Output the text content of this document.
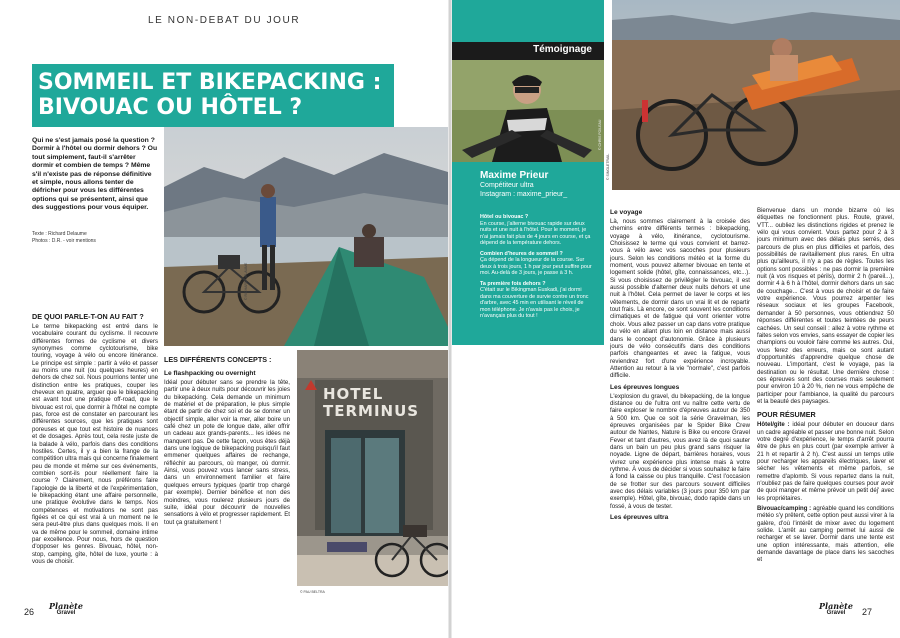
LE NON-DEBAT DU JOUR
SOMMEIL ET BIKEPACKING :
BIVOUAC OU HÔTEL ?
Qui ne s'est jamais posé la question ? Dormir à l'hôtel ou dormir dehors ? Ou tout simplement, faut-il s'arrêter dormir et combien de temps ? Même s'il n'existe pas de réponse définitive et simple, nous allons tenter de défricher pour vous les différentes options qui se présentent, ainsi que des suggestions pour vous équiper.
Texte : Richard Delaume
Photos : D.R. - voir mentions
© RICHARD DELAUME
DE QUOI PARLE-T-ON AU FAIT ?

Le terme bikepacking est entré dans le vocabulaire courant du cyclisme. Il recouvre différentes formes de cyclisme et divers synonymes comme cyclotourisme, bike touring, voyage à vélo ou encore itinérance. Le principe est simple : partir à vélo et passer au moins une nuit (ou quelques heures) en dehors de chez soi. Nous pourrions tenter une distinction entre les pratiques, couper les cheveux en quatre, arguer que le bikepacking est avant tout une pratique off-road, que le bivouac est roi, que dormir à l'hôtel ne compte pas, force est de constater en parcourant les différentes sources, que les pratiques sont poreuses et que tout est histoire de nuances et de dosages. Après tout, cela reste juste de la balade à vélo, parfois dans des conditions hostiles. Certes, il y a bien la frange de la compétition ultra mais qui concerne finalement peu de monde et même sur ces événements, combien sont-ils pour réellement faire la course ? Clairement, nous préférons faire l'apologie de la liberté et de l'expérimentation, le bikepacking étant une affaire personnelle, une pratique évolutive dans le temps. Nos compétences et motivations ne sont pas figées et ce qui est vrai à un moment ne le sera peut-être plus dans quelques mois. Il en va de même pour le sommeil, domaine intime par excellence. Pour nous, hors de question d'opposer les genres. Bivouac, hôtel, non-stop, camping, gîte, hôtel de luxe, yourte : à vous de choisir.

LES DIFFÉRENTS CONCEPTS :
Le flashpacking ou overnight

Idéal pour débuter sans se prendre la tête, partir une à deux nuits pour découvrir les joies du bikepacking. Cela demande un minimum de matériel et de préparation, le plus simple étant de partir de chez soi et de se donner un objectif simple, aller voir la mer, aller boire un café chez un pote de longue date, aller offrir un cadeau aux grands-parents... les idées ne manquent pas. De cette façon, vous êtes déjà dans une logique de bikepacking puisqu'il faut emmener quelques affaires de rechange, réfléchir au parcours, où manger, où dormir. Ainsi, vous pouvez vous lancer sans stress, dans un environnement familier et faire quelques erreurs typiques (partir trop chargé par exemple). Dernier bénéfice et non des moindres, vous roulerez plusieurs jours de suite, idéal pour découvrir de nouvelles sensations à vélo et progresser rapidement. Et tout ça gratuitement !

HOTEL TERMINUS
© PAU BELTRA
26
Planète
Gravel
Témoignage
© CHRIS FOILEAU
Maxime Prieur
Compétiteur ultra
Instagram : maxime_prieur_
Hôtel ou bivouac ?
En course, j'alterne bivouac rapide sur deux nuits et une nuit à l'hôtel. Pour le moment, je n'ai jamais fait plus de 4 jours en course, et ça dépend de la température dehors.
Combien d'heures de sommeil ?
Ça dépend de la longueur de la course. Sur deux à trois jours, 1 h par jour peut suffire pour moi. Au-delà de 3 jours, je passe à 3 h.
Ta première fois dehors ?
C'était sur le Bikingman Euskadi, j'ai dormi dans ma couverture de survie contre un tronc d'arbre, avec 45 min en utilisant le réveil de mon téléphone. Je n'avais pas le choix, je n'avançais plus du tout !
© SINGLETRAIL
Le voyage

Là, nous sommes clairement à la croisée des chemins entre différents termes : bikepacking, voyage à vélo, itinérance, cyclotourisme. Choisissez le terme qui vous convient et barrez-vous à vélo avec vos sacoches pour plusieurs jours. Selon les conditions météo et la forme du moment, vous pouvez alterner bivouac en tente et logement solide (hôtel, gîte, connaissances, etc...). Si vous choisissez de privilégier le bivouac, il est aussi possible d'alterner deux nuits dehors et une nuit à l'hôtel. Cela permet de laver le corps et les vêtements, de dormir dans un vrai lit et de repartir tout frais. Là encore, ce sont souvent les conditions climatiques et de fatigue qui vont orienter votre choix. Vous allez passer un cap dans votre pratique du vélo en allant plus loin en distance mais aussi dans le concept d'autonomie. Grâce à plusieurs jours de vélo consécutifs dans des conditions parfois changeantes et avec la fatigue, vous reviendrez fort d'une expérience incroyable. Attention au retour à la vie "normale", c'est parfois difficile.

Les épreuves longues

L'explosion du gravel, du bikepacking, de la longue distance ou de l'ultra ont vu naître cette vertu de faire exploser le nombre d'épreuves autour de 350 à 500 km. Que ce soit la série Gravelman, les épreuves organisées par le Spider Bike Crew autour de Nantes, Nature is Bike ou encore Gravel Fever et tant d'autres, vous avez là de quoi sauter dans un bain un peu plus grand sans risquer la noyade. Ligne de départ, barrières horaires, vous vivrez une expérience plus intense mais à votre rythme. À vous de décider si vous souhaitez le faire à fond la caisse ou plus tranquille. C'est l'occasion de se frotter sur des parcours souvent difficiles avec des délais variables (3 jours pour 350 km par exemple). Hôtel, gîte, bivouac, dodo rapide dans un fossé, à vous de tester.

Les épreuves ultra

Bienvenue dans un monde bizarre où les étiquettes ne fonctionnent plus. Route, gravel, VTT... oubliez les distinctions rigides et prenez le vélo qui vous convient. Vous partez pour 2 à 3 jours minimum avec des délais plus serrés, des parcours de plus en plus difficiles et parfois, des possibilités de ravitaillement plus rares. En ultra plus qu'ailleurs, il n'y a pas de règles. Toutes les options sont possibles : ne pas dormir la première nuit (à vos risques et périls), dormir 2 h (pareil...), dormir 4 à 6 h à l'hôtel, dormir dehors dans un sac de couchage... C'est à vous de choisir et de faire votre expérience. Vous pourrez arpenter les réseaux sociaux et les groupes Facebook, demander à 50 personnes, vous obtiendrez 50 réponses différentes et toutes teintées de peurs cachées. Un seul conseil : allez à votre rythme et faites selon vos envies, sans essayer de copier les champions ou vouloir faire comme les autres. Oui, vous ferez des erreurs, mais ce sont autant d'opportunités d'apprendre quelque chose de nouveau. L'important, c'est le voyage, pas la destination ou le résultat. Une dernière chose : ces épreuves sont des courses mais seulement pour environ 10 à 20 %, rien ne vous empêche de participer pour l'ambiance, la qualité du parcours et la beauté des paysages.

POUR RÉSUMER

Hôtel/gîte : idéal pour débuter en douceur dans un cadre agréable et passer une bonne nuit. Selon votre degré d'expérience, le temps d'arrêt pourra être de plus en plus court (par exemple arriver à 21 h et repartir à 2 h). C'est aussi un temps utile pour recharger les appareils électriques, laver et sécher les vêtements et même parfois, se remettre d'aplomb. Si vous repartez dans la nuit, n'oubliez pas de faire quelques courses pour avoir de quoi manger et même prévoir un petit déj' avec les propriétaires.

Bivouac/camping : agréable quand les conditions météo s'y prêtent, cette option peut aussi virer à la galère, d'où l'intérêt de mixer avec du logement solide. L'arrêt au camping permet lui aussi de recharger et se laver. Dormir dans une tente est une option intéressante, mais attention, elle demande davantage de place dans les sacoches et

Planète
Gravel	27
